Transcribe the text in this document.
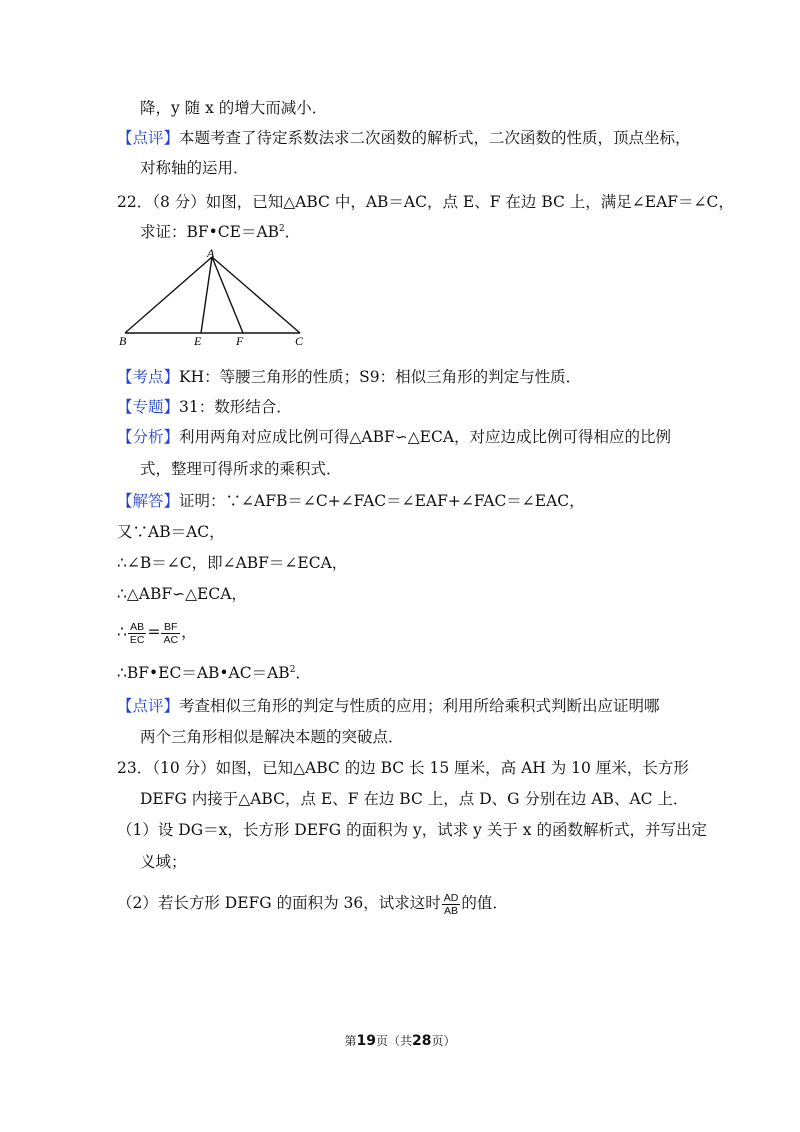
降，y 随 x 的增大而减小．
【点评】本题考查了待定系数法求二次函数的解析式，二次函数的性质，顶点坐标，
对称轴的运用．
22．（8 分）如图，已知△ABC 中，AB＝AC，点 E、F 在边 BC 上，满足∠EAF＝∠C，
求证：$BF•CE=AB^2$．
A
B	E	F	C
【考点】KH：等腰三角形的性质；S9：相似三角形的判定与性质．
【专题】31：数形结合．
【分析】利用两角对应成比例可得△ABF∽△ECA，对应边成比例可得相应的比例
式，整理可得所求的乘积式．
【解答】证明：∵∠AFB＝∠C+∠FAC＝∠EAF+∠FAC＝∠EAC，
又∵AB＝AC，
∴∠B＝∠C，即∠ABF＝∠ECA，
∴△ABF∽△ECA，
∴ $\frac{AB}{EC} = \frac{BF}{AC}$ ，
$\therefore BF•EC=AB•AC=AB^2$．
【点评】考查相似三角形的判定与性质的应用；利用所给乘积式判断出应证明哪
两个三角形相似是解决本题的突破点．
23．（10 分）如图，已知△ABC 的边 BC 长 15 厘米，高 AH 为 10 厘米，长方形
DEFG 内接于△ABC，点 E、F 在边 BC 上，点 D、G 分别在边 AB、AC 上．
（1）设 DG＝x，长方形 DEFG 的面积为 y，试求 y 关于 x 的函数解析式，并写出定
义域；
（2）若长方形 DEFG 的面积为 36，试求这时 $\frac{AD}{AB}$ 的值．
第19页（共28页）
